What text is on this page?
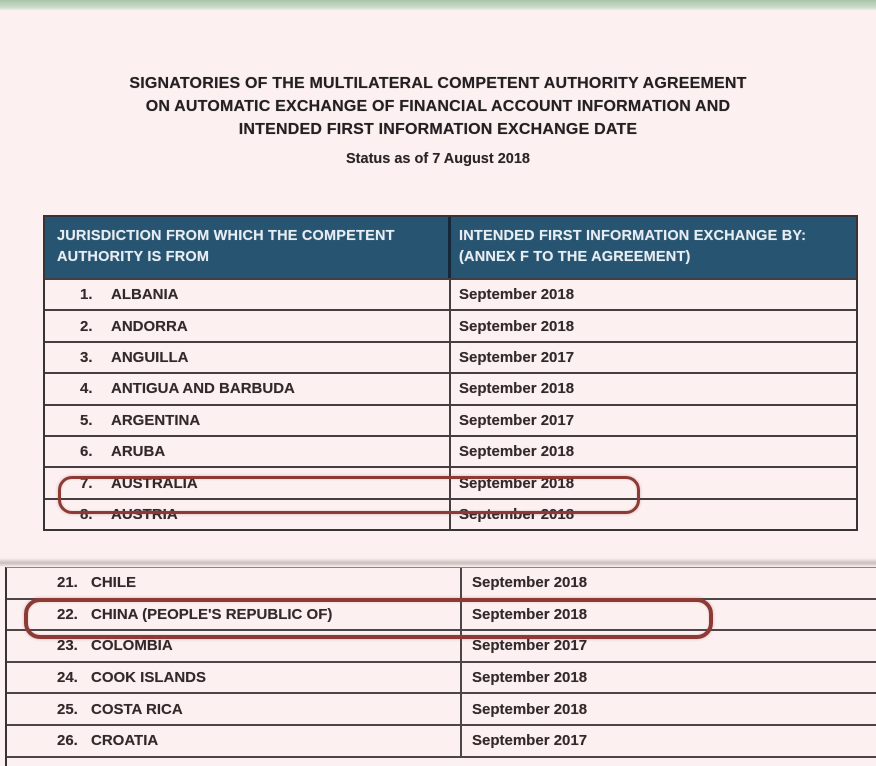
SIGNATORIES OF THE MULTILATERAL COMPETENT AUTHORITY AGREEMENT
ON AUTOMATIC EXCHANGE OF FINANCIAL ACCOUNT INFORMATION AND
INTENDED FIRST INFORMATION EXCHANGE DATE
Status as of 7 August 2018
JURISDICTION FROM WHICH THE COMPETENT
AUTHORITY IS FROM
INTENDED FIRST INFORMATION EXCHANGE BY:
(ANNEX F TO THE AGREEMENT)
1.	ALBANIA	September 2018
2.	ANDORRA	September 2018
3.	ANGUILLA	September 2017
4.	ANTIGUA AND BARBUDA	September 2018
5.	ARGENTINA	September 2017
6.	ARUBA	September 2018
7.	AUSTRALIA	September 2018
8.	AUSTRIA	September 2018
21. CHILE	September 2018
22. CHINA (PEOPLE'S REPUBLIC OF)	September 2018
23. COLOMBIA	September 2017
24. COOK ISLANDS	September 2018
25. COSTA RICA	September 2018
26. CROATIA	September 2017
